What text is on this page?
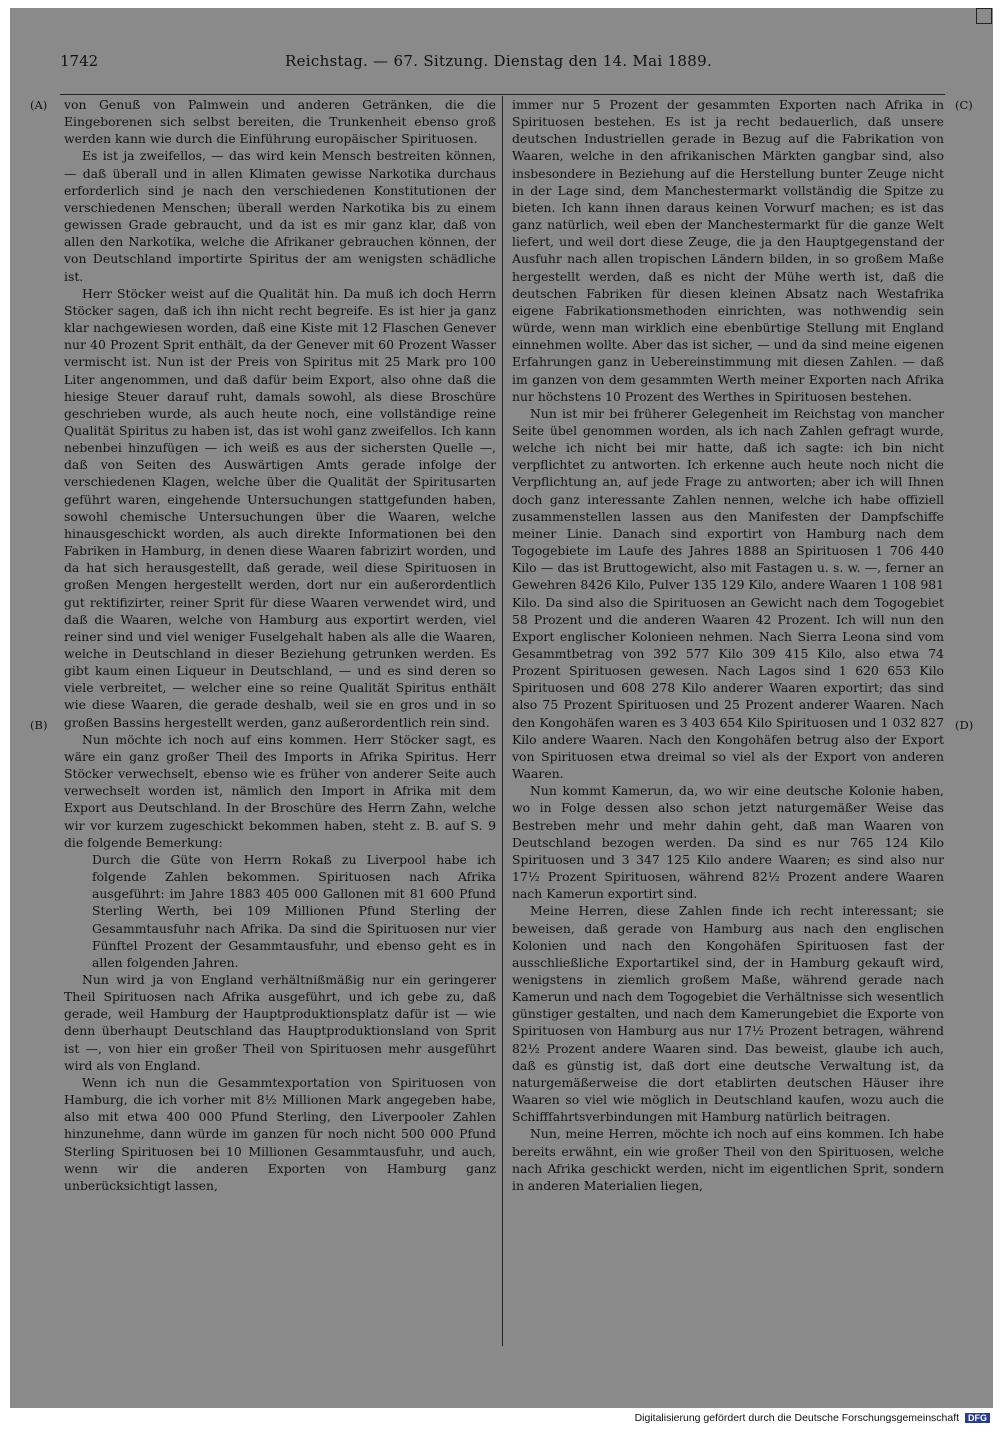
1742	Reichstag. — 67. Sitzung. Dienstag den 14. Mai 1889.
(A)
(B)
(C)
(D)

von Genuß von Palmwein und anderen Getränken, die die Eingeborenen sich selbst bereiten, die Trunkenheit ebenso groß werden kann wie durch die Einführung europäischer Spirituosen.

Es ist ja zweifellos, — das wird kein Mensch bestreiten können, — daß überall und in allen Klimaten gewisse Narkotika durchaus erforderlich sind je nach den verschiedenen Konstitutionen der verschiedenen Menschen; überall werden Narkotika bis zu einem gewissen Grade gebraucht, und da ist es mir ganz klar, daß von allen den Narkotika, welche die Afrikaner gebrauchen können, der von Deutschland importirte Spiritus der am wenigsten schädliche ist.

Herr Stöcker weist auf die Qualität hin. Da muß ich doch Herrn Stöcker sagen, daß ich ihn nicht recht begreife. Es ist hier ja ganz klar nachgewiesen worden, daß eine Kiste mit 12 Flaschen Genever nur 40 Prozent Sprit enthält, da der Genever mit 60 Prozent Wasser vermischt ist. Nun ist der Preis von Spiritus mit 25 Mark pro 100 Liter angenommen, und daß dafür beim Export, also ohne daß die hiesige Steuer darauf ruht, damals sowohl, als diese Broschüre geschrieben wurde, als auch heute noch, eine vollständige reine Qualität Spiritus zu haben ist, das ist wohl ganz zweifellos. Ich kann nebenbei hinzufügen — ich weiß es aus der sichersten Quelle —, daß von Seiten des Auswärtigen Amts gerade infolge der verschiedenen Klagen, welche über die Qualität der Spiritusarten geführt waren, eingehende Untersuchungen stattgefunden haben, sowohl chemische Untersuchungen über die Waaren, welche hinausgeschickt worden, als auch direkte Informationen bei den Fabriken in Hamburg, in denen diese Waaren fabrizirt worden, und da hat sich herausgestellt, daß gerade, weil diese Spirituosen in großen Mengen hergestellt werden, dort nur ein außerordentlich gut rektifizirter, reiner Sprit für diese Waaren verwendet wird, und daß die Waaren, welche von Hamburg aus exportirt werden, viel reiner sind und viel weniger Fuselgehalt haben als alle die Waaren, welche in Deutschland in dieser Beziehung getrunken werden. Es gibt kaum einen Liqueur in Deutschland, — und es sind deren so viele verbreitet, — welcher eine so reine Qualität Spiritus enthält wie diese Waaren, die gerade deshalb, weil sie en gros und in so großen Bassins hergestellt werden, ganz außerordentlich rein sind.

Nun möchte ich noch auf eins kommen. Herr Stöcker sagt, es wäre ein ganz großer Theil des Imports in Afrika Spiritus. Herr Stöcker verwechselt, ebenso wie es früher von anderer Seite auch verwechselt worden ist, nämlich den Import in Afrika mit dem Export aus Deutschland. In der Broschüre des Herrn Zahn, welche wir vor kurzem zugeschickt bekommen haben, steht z. B. auf S. 9 die folgende Bemerkung:

Durch die Güte von Herrn Rokaß zu Liverpool habe ich folgende Zahlen bekommen. Spirituosen nach Afrika ausgeführt: im Jahre 1883 405 000 Gallonen mit 81 600 Pfund Sterling Werth, bei 109 Millionen Pfund Sterling der Gesammtausfuhr nach Afrika. Da sind die Spirituosen nur vier Fünftel Prozent der Gesammtausfuhr, und ebenso geht es in allen folgenden Jahren.

Nun wird ja von England verhältnißmäßig nur ein geringerer Theil Spirituosen nach Afrika ausgeführt, und ich gebe zu, daß gerade, weil Hamburg der Hauptproduktionsplatz dafür ist — wie denn überhaupt Deutschland das Hauptproduktionsland von Sprit ist —, von hier ein großer Theil von Spirituosen mehr ausgeführt wird als von England.

Wenn ich nun die Gesammtexportation von Spirituosen von Hamburg, die ich vorher mit 8½ Millionen Mark angegeben habe, also mit etwa 400 000 Pfund Sterling, den Liverpooler Zahlen hinzunehme, dann würde im ganzen für noch nicht 500 000 Pfund Sterling Spirituosen bei 10 Millionen Gesammtausfuhr, und auch, wenn wir die anderen Exporten von Hamburg ganz unberücksichtigt lassen,

immer nur 5 Prozent der gesammten Exporten nach Afrika in Spirituosen bestehen. Es ist ja recht bedauerlich, daß unsere deutschen Industriellen gerade in Bezug auf die Fabrikation von Waaren, welche in den afrikanischen Märkten gangbar sind, also insbesondere in Beziehung auf die Herstellung bunter Zeuge nicht in der Lage sind, dem Manchestermarkt vollständig die Spitze zu bieten. Ich kann ihnen daraus keinen Vorwurf machen; es ist das ganz natürlich, weil eben der Manchestermarkt für die ganze Welt liefert, und weil dort diese Zeuge, die ja den Hauptgegenstand der Ausfuhr nach allen tropischen Ländern bilden, in so großem Maße hergestellt werden, daß es nicht der Mühe werth ist, daß die deutschen Fabriken für diesen kleinen Absatz nach Westafrika eigene Fabrikationsmethoden einrichten, was nothwendig sein würde, wenn man wirklich eine ebenbürtige Stellung mit England einnehmen wollte. Aber das ist sicher, — und da sind meine eigenen Erfahrungen ganz in Uebereinstimmung mit diesen Zahlen. — daß im ganzen von dem gesammten Werth meiner Exporten nach Afrika nur höchstens 10 Prozent des Werthes in Spirituosen bestehen.

Nun ist mir bei früherer Gelegenheit im Reichstag von mancher Seite übel genommen worden, als ich nach Zahlen gefragt wurde, welche ich nicht bei mir hatte, daß ich sagte: ich bin nicht verpflichtet zu antworten. Ich erkenne auch heute noch nicht die Verpflichtung an, auf jede Frage zu antworten; aber ich will Ihnen doch ganz interessante Zahlen nennen, welche ich habe offiziell zusammenstellen lassen aus den Manifesten der Dampfschiffe meiner Linie. Danach sind exportirt von Hamburg nach dem Togogebiete im Laufe des Jahres 1888 an Spirituosen 1 706 440 Kilo — das ist Bruttogewicht, also mit Fastagen u. s. w. —, ferner an Gewehren 8426 Kilo, Pulver 135 129 Kilo, andere Waaren 1 108 981 Kilo. Da sind also die Spirituosen an Gewicht nach dem Togogebiet 58 Prozent und die anderen Waaren 42 Prozent. Ich will nun den Export englischer Kolonieen nehmen. Nach Sierra Leona sind vom Gesammtbetrag von 392 577 Kilo 309 415 Kilo, also etwa 74 Prozent Spirituosen gewesen. Nach Lagos sind 1 620 653 Kilo Spirituosen und 608 278 Kilo anderer Waaren exportirt; das sind also 75 Prozent Spirituosen und 25 Prozent anderer Waaren. Nach den Kongohäfen waren es 3 403 654 Kilo Spirituosen und 1 032 827 Kilo andere Waaren. Nach den Kongohäfen betrug also der Export von Spirituosen etwa dreimal so viel als der Export von anderen Waaren.

Nun kommt Kamerun, da, wo wir eine deutsche Kolonie haben, wo in Folge dessen also schon jetzt naturgemäßer Weise das Bestreben mehr und mehr dahin geht, daß man Waaren von Deutschland bezogen werden. Da sind es nur 765 124 Kilo Spirituosen und 3 347 125 Kilo andere Waaren; es sind also nur 17½ Prozent Spirituosen, während 82½ Prozent andere Waaren nach Kamerun exportirt sind.

Meine Herren, diese Zahlen finde ich recht interessant; sie beweisen, daß gerade von Hamburg aus nach den englischen Kolonien und nach den Kongohäfen Spirituosen fast der ausschließliche Exportartikel sind, der in Hamburg gekauft wird, wenigstens in ziemlich großem Maße, während gerade nach Kamerun und nach dem Togogebiet die Verhältnisse sich wesentlich günstiger gestalten, und nach dem Kamerungebiet die Exporte von Spirituosen von Hamburg aus nur 17½ Prozent betragen, während 82½ Prozent andere Waaren sind. Das beweist, glaube ich auch, daß es günstig ist, daß dort eine deutsche Verwaltung ist, da naturgemäßerweise die dort etablirten deutschen Häuser ihre Waaren so viel wie möglich in Deutschland kaufen, wozu auch die Schifffahrtsverbindungen mit Hamburg natürlich beitragen.

Nun, meine Herren, möchte ich noch auf eins kommen. Ich habe bereits erwähnt, ein wie großer Theil von den Spirituosen, welche nach Afrika geschickt werden, nicht im eigentlichen Sprit, sondern in anderen Materialien liegen,

Digitalisierung gefördert durch die Deutsche Forschungsgemeinschaft DFG
